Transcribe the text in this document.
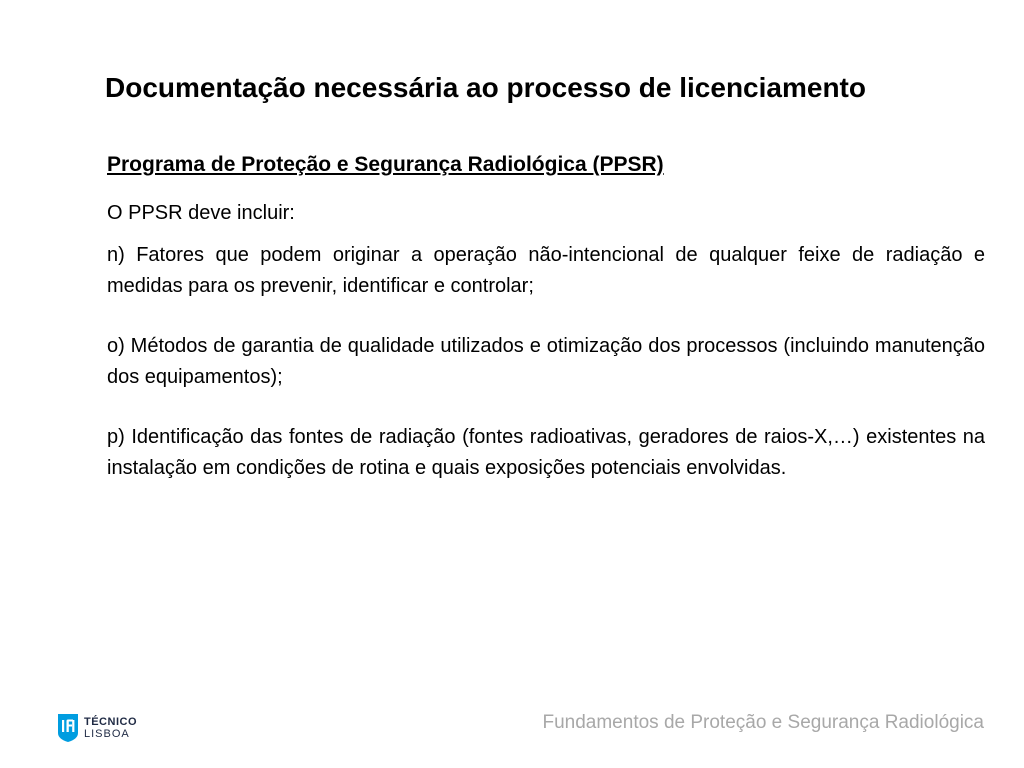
Documentação necessária ao processo de licenciamento
Programa de Proteção e Segurança Radiológica (PPSR)
O PPSR deve incluir:
n) Fatores que podem originar a operação não-intencional de qualquer feixe de radiação e medidas para os prevenir, identificar e controlar;
o) Métodos de garantia de qualidade utilizados e otimização dos processos (incluindo manutenção dos equipamentos);
p) Identificação das fontes de radiação (fontes radioativas, geradores de raios-X,…) existentes na instalação em condições de rotina e quais exposições potenciais envolvidas.
TÉCNICO
LISBOA
Fundamentos de Proteção e Segurança Radiológica
